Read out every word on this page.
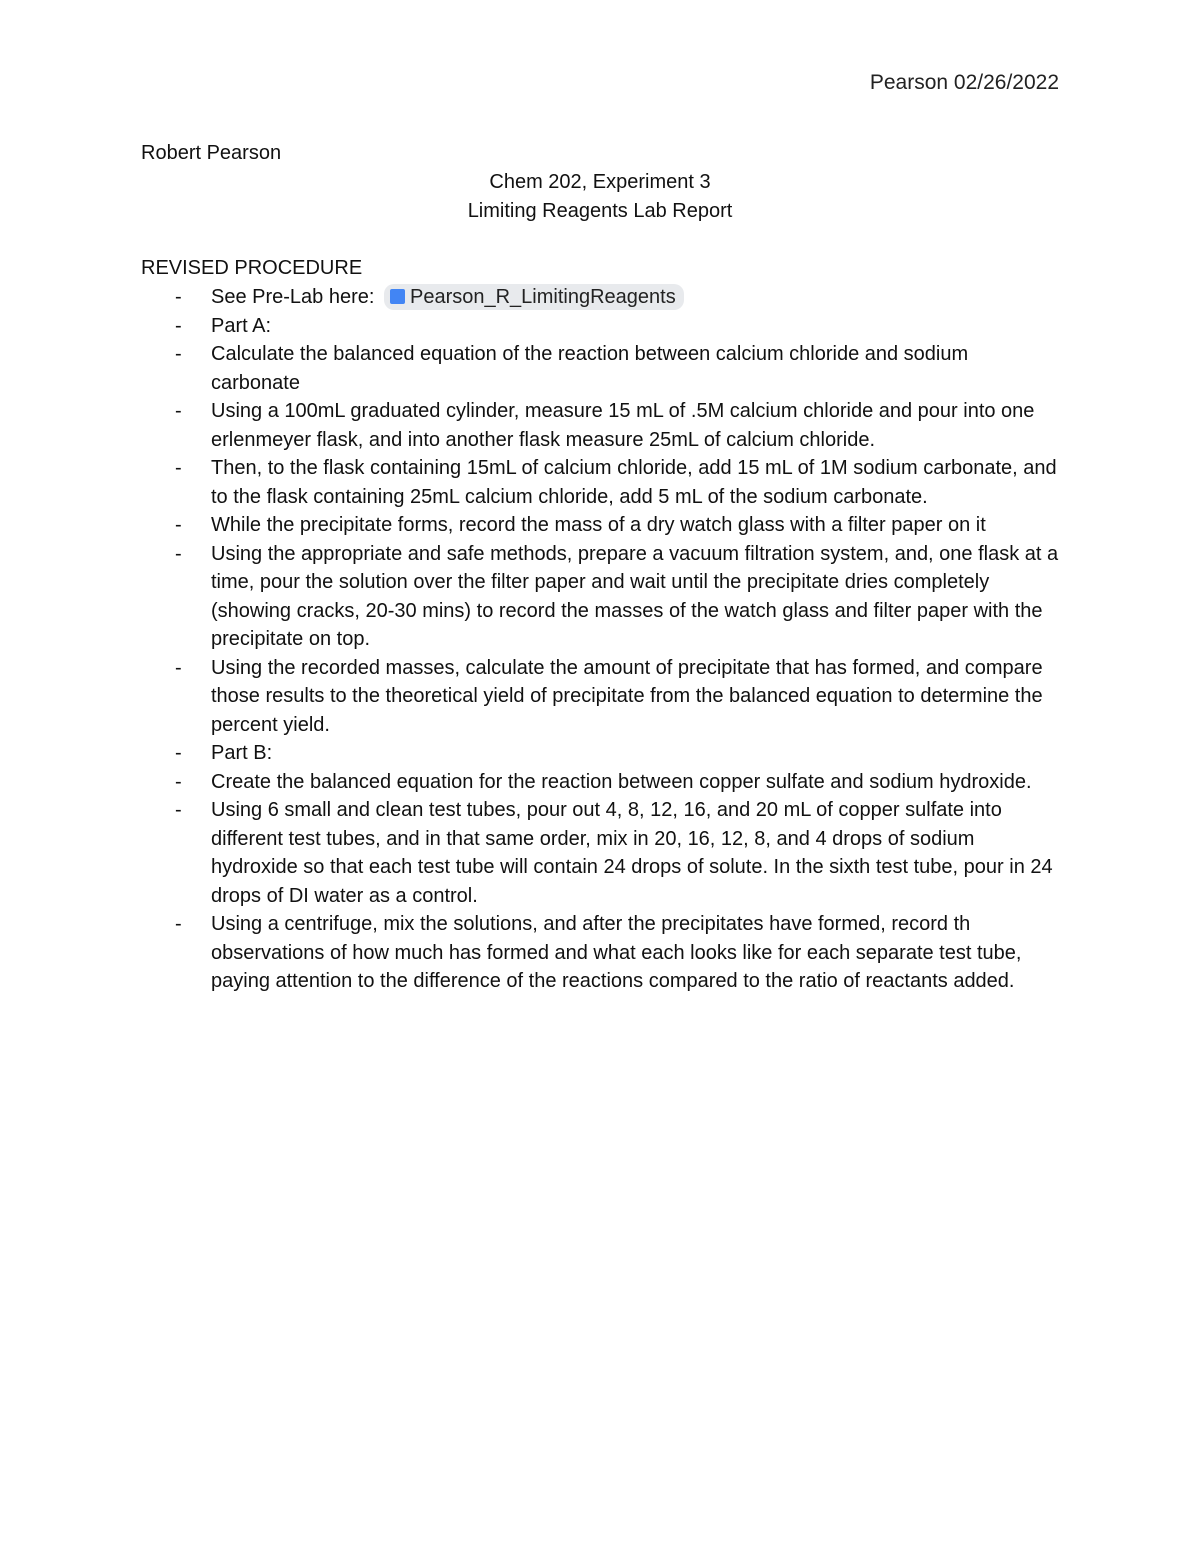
Pearson 02/26/2022
Robert Pearson
Chem 202, Experiment 3
Limiting Reagents Lab Report
REVISED PROCEDURE
-	See Pre-Lab here: Pearson_R_LimitingReagents
-	Part A:
-	Calculate the balanced equation of the reaction between calcium chloride and sodium carbonate
-	Using a 100mL graduated cylinder, measure 15 mL of .5M calcium chloride and pour into one erlenmeyer flask, and into another flask measure 25mL of calcium chloride.
-	Then, to the flask containing 15mL of calcium chloride, add 15 mL of 1M sodium carbonate, and to the flask containing 25mL calcium chloride, add 5 mL of the sodium carbonate.
-	While the precipitate forms, record the mass of a dry watch glass with a filter paper on it
-	Using the appropriate and safe methods, prepare a vacuum filtration system, and, one flask at a time, pour the solution over the filter paper and wait until the precipitate dries completely (showing cracks, 20-30 mins) to record the masses of the watch glass and filter paper with the precipitate on top.
-	Using the recorded masses, calculate the amount of precipitate that has formed, and compare those results to the theoretical yield of precipitate from the balanced equation to determine the percent yield.
-	Part B:
-	Create the balanced equation for the reaction between copper sulfate and sodium hydroxide.
-	Using 6 small and clean test tubes, pour out 4, 8, 12, 16, and 20 mL of copper sulfate into different test tubes, and in that same order, mix in 20, 16, 12, 8, and 4 drops of sodium hydroxide so that each test tube will contain 24 drops of solute. In the sixth test tube, pour in 24 drops of DI water as a control.
-	Using a centrifuge, mix the solutions, and after the precipitates have formed, record th observations of how much has formed and what each looks like for each separate test tube, paying attention to the difference of the reactions compared to the ratio of reactants added.
